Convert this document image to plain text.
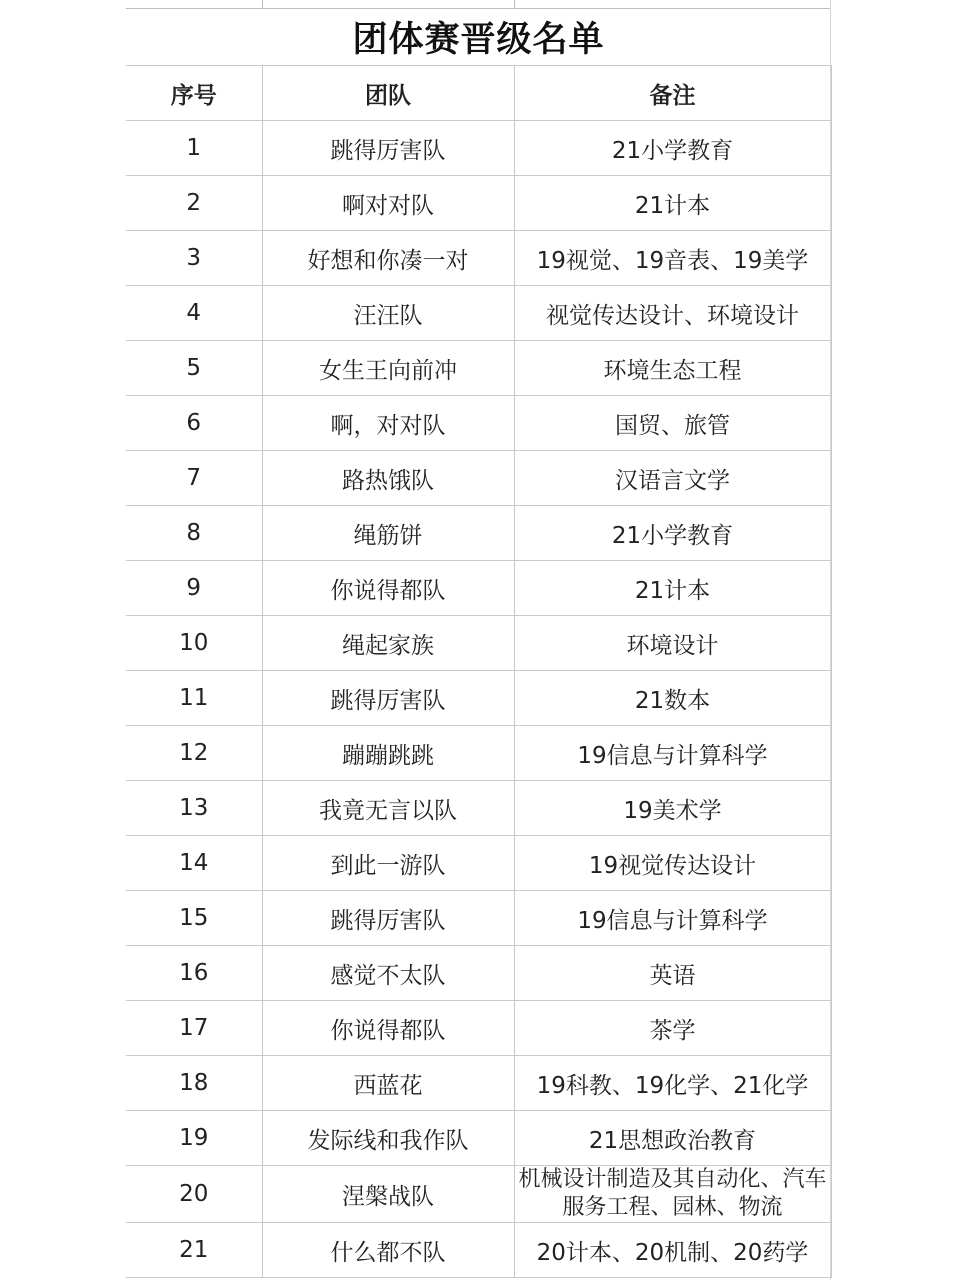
团体赛晋级名单
序号	团队	备注
1	跳得厉害队	21小学教育
2	啊对对队	21计本
3	好想和你凑一对	19视觉、19音表、19美学
4	汪汪队	视觉传达设计、环境设计
5	女生王向前冲	环境生态工程
6	啊，对对队	国贸、旅管
7	路热饿队	汉语言文学
8	绳筋饼	21小学教育
9	你说得都队	21计本
10	绳起家族	环境设计
11	跳得厉害队	21数本
12	蹦蹦跳跳	19信息与计算科学
13	我竟无言以队	19美术学
14	到此一游队	19视觉传达设计
15	跳得厉害队	19信息与计算科学
16	感觉不太队	英语
17	你说得都队	茶学
18	西蓝花	19科教、19化学、21化学
19	发际线和我作队	21思想政治教育
20	涅槃战队	机械设计制造及其自动化、汽车服务工程、园林、物流
21	什么都不队	20计本、20机制、20药学
